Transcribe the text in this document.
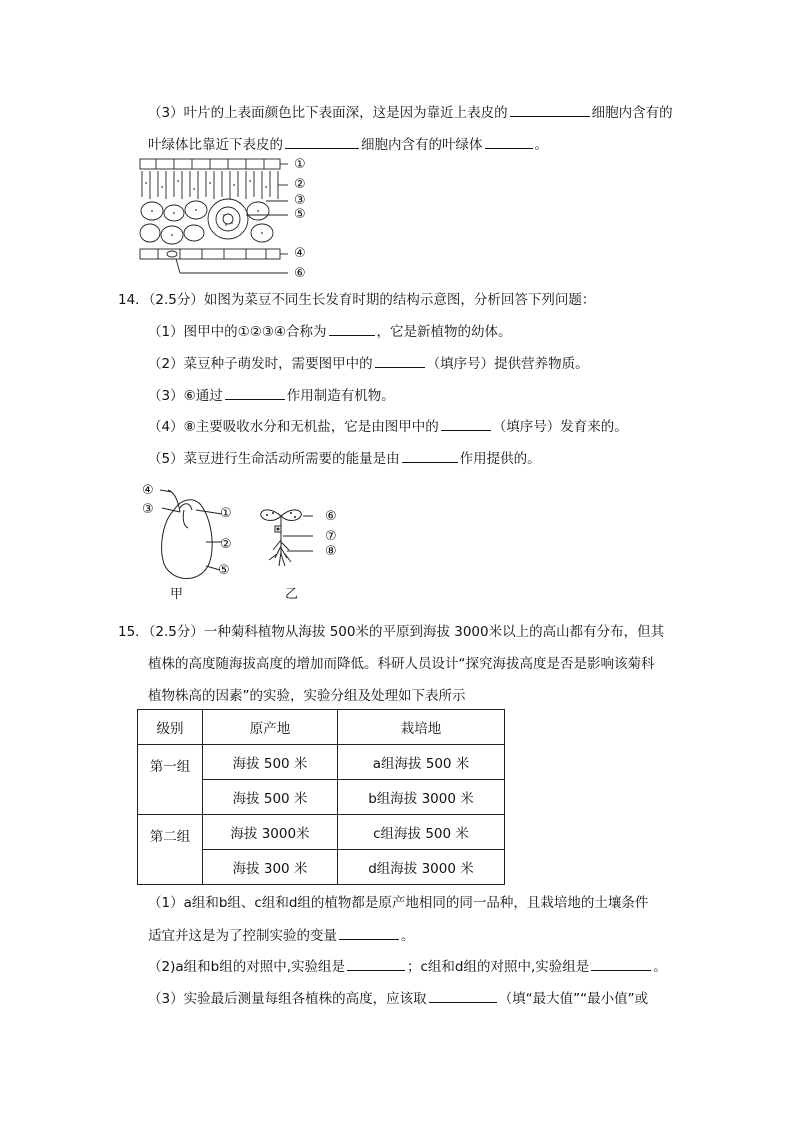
（3）叶片的上表面颜色比下表面深，这是因为靠近上表皮的	细胞内含有的
叶绿体比靠近下表皮的	细胞内含有的叶绿体	。
①
②
③
⑤
④
⑥
14．（2.5分）如图为菜豆不同生长发育时期的结构示意图，分析回答下列问题：
（1）图甲中的①②③④合称为	，它是新植物的幼体。
（2）菜豆种子萌发时，需要图甲中的	（填序号）提供营养物质。
（3）⑥通过	作用制造有机物。
（4）⑧主要吸收水分和无机盐，它是由图甲中的	（填序号）发育来的。
（5）菜豆进行生命活动所需要的能量是由	作用提供的。
④
③	①
②
⑤
甲
⑥
⑦
⑧
乙
15．（2.5分）一种菊科植物从海拔 500米的平原到海拔 3000米以上的高山都有分布，但其
植株的高度随海拔高度的增加而降低。科研人员设计“探究海拔高度是否是影响该菊科
植物株高的因素”的实验，实验分组及处理如下表所示
级别	原产地	栽培地
第一组	海拔 500 米	a组海拔 500 米
	海拔 500 米	b组海拔 3000 米
第二组	海拔 3000米	c组海拔 500 米
	海拔 300 米	d组海拔 3000 米
（1）a组和b组、c组和d组的植物都是原产地相同的同一品种，且栽培地的土壤条件
适宜并这是为了控制实验的变量	。
（2)a组和b组的对照中,实验组是	；c组和d组的对照中,实验组是	。
（3）实验最后测量每组各植株的高度，应该取	（填“最大值”“最小值”或
